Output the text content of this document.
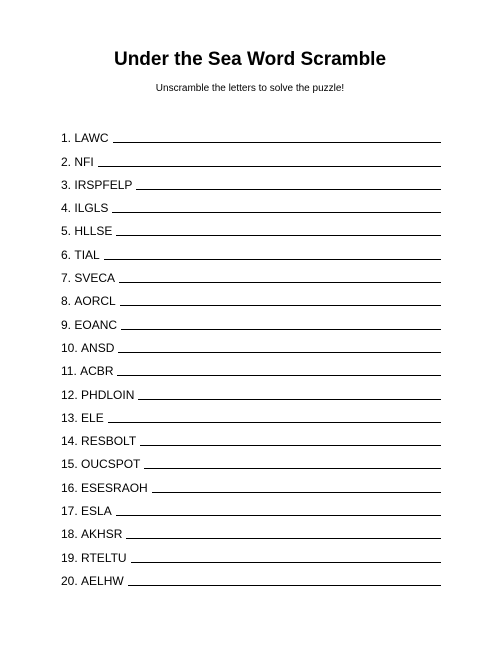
Under the Sea Word Scramble

Unscramble the letters to solve the puzzle!

1.
LAWC
2.
NFI
3.
IRSPFELP
4.
ILGLS
5.
HLLSE
6.
TIAL
7.
SVECA
8.
AORCL
9.
EOANC
10.
ANSD
11.
ACBR
12.
PHDLOIN
13.
ELE
14.
RESBOLT
15.
OUCSPOT
16.
ESESRAOH
17.
ESLA
18.
AKHSR
19.
RTELTU
20.
AELHW
